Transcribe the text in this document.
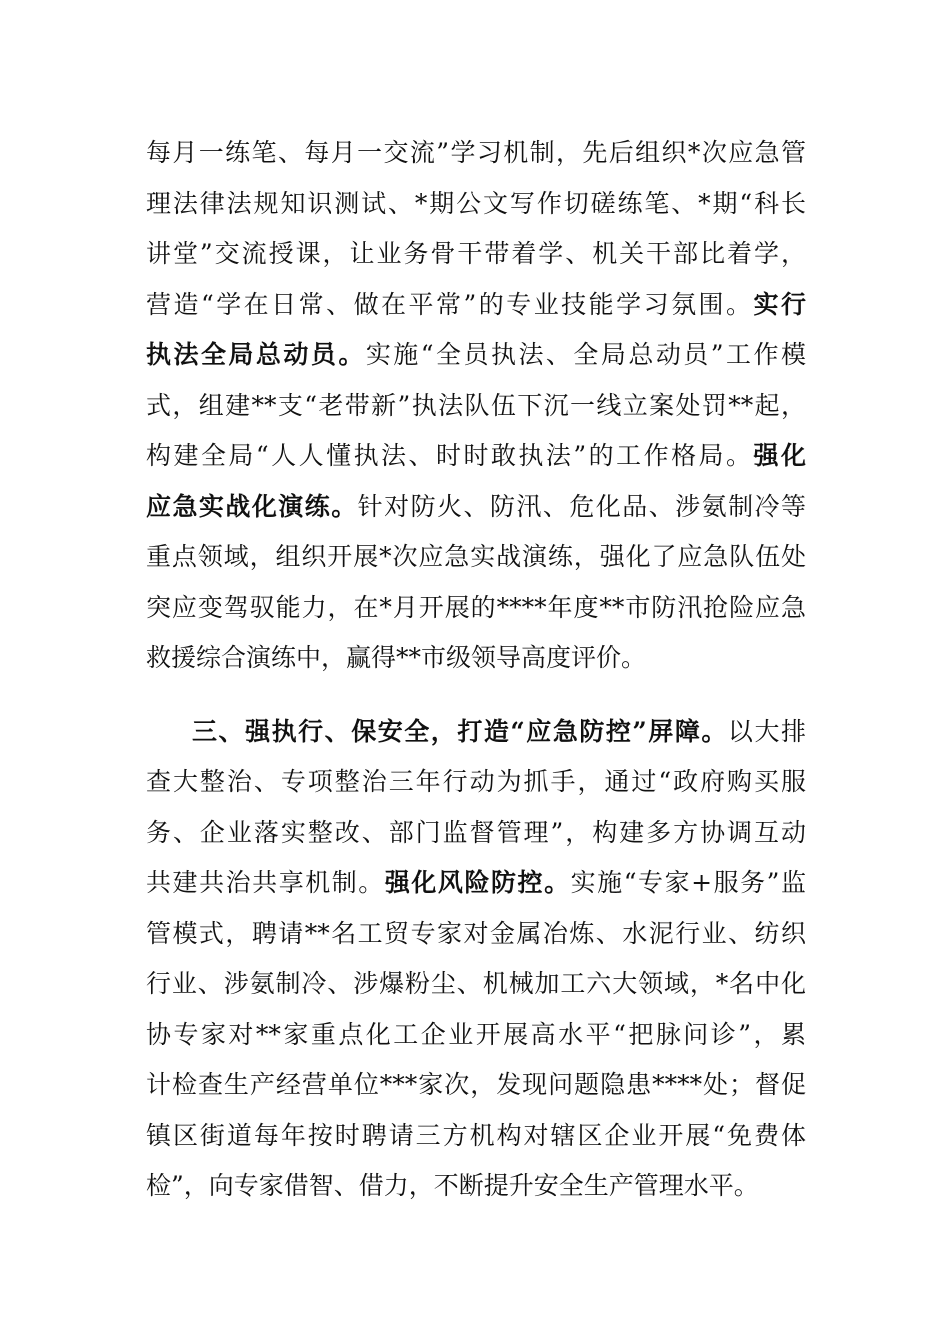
每月一练笔、每月一交流”学习机制，先后组织*次应急管
理法律法规知识测试、*期公文写作切磋练笔、*期“科长
讲堂”交流授课，让业务骨干带着学、机关干部比着学，
营造“学在日常、做在平常”的专业技能学习氛围。实行
执法全局总动员。实施“全员执法、全局总动员”工作模
式，组建**支“老带新”执法队伍下沉一线立案处罚**起，
构建全局“人人懂执法、时时敢执法”的工作格局。强化
应急实战化演练。针对防火、防汛、危化品、涉氨制冷等
重点领域，组织开展*次应急实战演练，强化了应急队伍处
突应变驾驭能力，在*月开展的****年度**市防汛抢险应急
救援综合演练中，赢得**市级领导高度评价。
三、强执行、保安全，打造“应急防控”屏障。以大排
查大整治、专项整治三年行动为抓手，通过“政府购买服
务、企业落实整改、部门监督管理”，构建多方协调互动
共建共治共享机制。强化风险防控。实施“专家+服务”监
管模式，聘请**名工贸专家对金属冶炼、水泥行业、纺织
行业、涉氨制冷、涉爆粉尘、机械加工六大领域，*名中化
协专家对**家重点化工企业开展高水平“把脉问诊”，累
计检查生产经营单位***家次，发现问题隐患****处；督促
镇区街道每年按时聘请三方机构对辖区企业开展“免费体
检”，向专家借智、借力，不断提升安全生产管理水平。
